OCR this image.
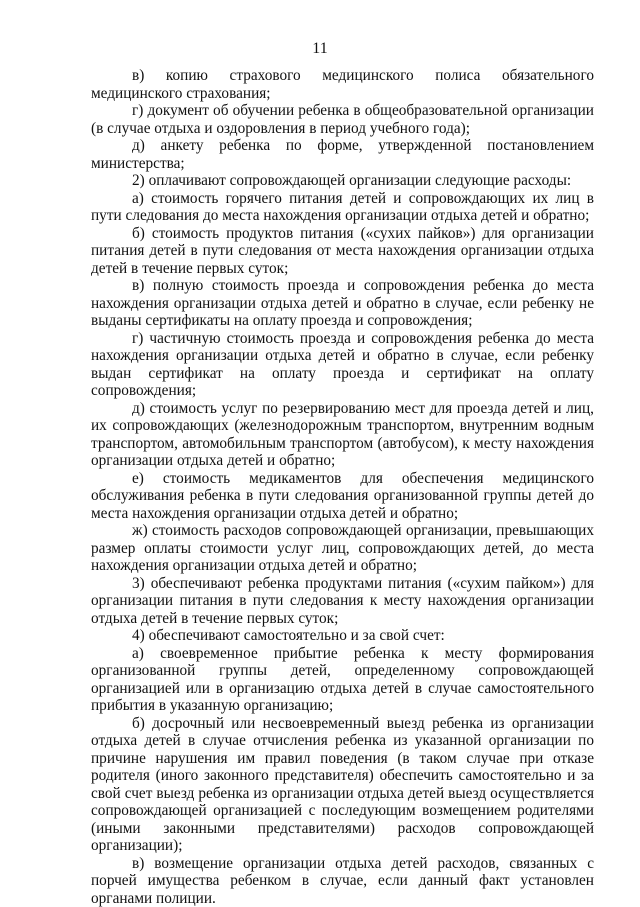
11

в) копию страхового медицинского полиса обязательного медицинского страхования;

г) документ об обучении ребенка в общеобразовательной организации (в случае отдыха и оздоровления в период учебного года);

д) анкету ребенка по форме, утвержденной постановлением министерства;

2) оплачивают сопровождающей организации следующие расходы:

а) стоимость горячего питания детей и сопровождающих их лиц в пути следования до места нахождения организации отдыха детей и обратно;

б) стоимость продуктов питания («сухих пайков») для организации питания детей в пути следования от места нахождения организации отдыха детей в течение первых суток;

в) полную стоимость проезда и сопровождения ребенка до места нахождения организации отдыха детей и обратно в случае, если ребенку не выданы сертификаты на оплату проезда и сопровождения;

г) частичную стоимость проезда и сопровождения ребенка до места нахождения организации отдыха детей и обратно в случае, если ребенку выдан сертификат на оплату проезда и сертификат на оплату сопровождения;

д) стоимость услуг по резервированию мест для проезда детей и лиц, их сопровождающих (железнодорожным транспортом, внутренним водным транспортом, автомобильным транспортом (автобусом), к месту нахождения организации отдыха детей и обратно;

е) стоимость медикаментов для обеспечения медицинского обслуживания ребенка в пути следования организованной группы детей до места нахождения организации отдыха детей и обратно;

ж) стоимость расходов сопровождающей организации, превышающих размер оплаты стоимости услуг лиц, сопровождающих детей, до места нахождения организации отдыха детей и обратно;

3) обеспечивают ребенка продуктами питания («сухим пайком») для организации питания в пути следования к месту нахождения организации отдыха детей в течение первых суток;

4) обеспечивают самостоятельно и за свой счет:

а) своевременное прибытие ребенка к месту формирования организованной группы детей, определенному сопровождающей организацией или в организацию отдыха детей в случае самостоятельного прибытия в указанную организацию;

б) досрочный или несвоевременный выезд ребенка из организации отдыха детей в случае отчисления ребенка из указанной организации по причине нарушения им правил поведения (в таком случае при отказе родителя (иного законного представителя) обеспечить самостоятельно и за свой счет выезд ребенка из организации отдыха детей выезд осуществляется сопровождающей организацией с последующим возмещением родителями (иными законными представителями) расходов сопровождающей организации);

в) возмещение организации отдыха детей расходов, связанных с порчей имущества ребенком в случае, если данный факт установлен органами полиции.
